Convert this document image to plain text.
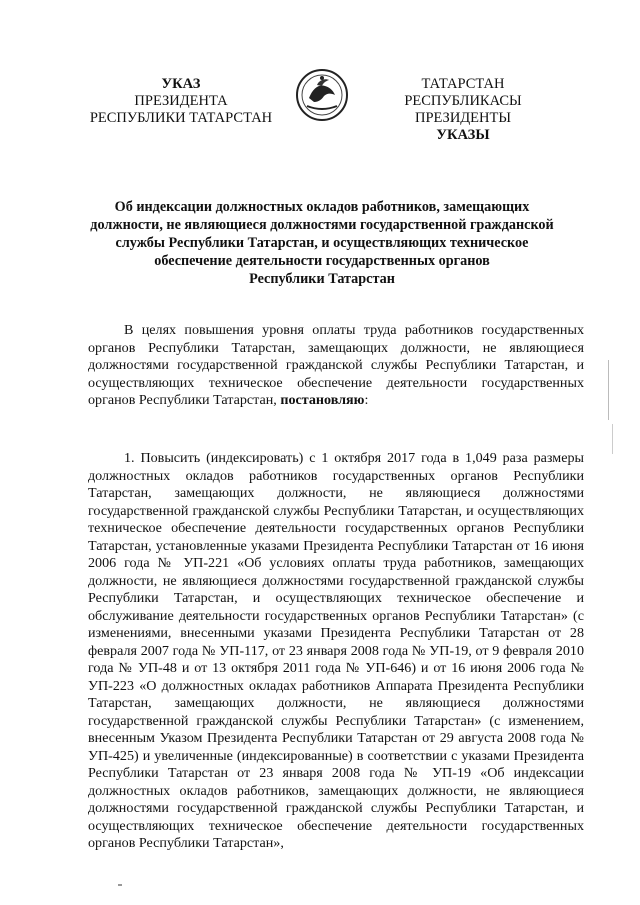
УКАЗ
ПРЕЗИДЕНТА
РЕСПУБЛИКИ ТАТАРСТАН
ТАТАРСТАН РЕСПУБЛИКАСЫ
ПРЕЗИДЕНТЫ
УКАЗЫ
Об индексации должностных окладов работников, замещающих
должности, не являющиеся должностями государственной гражданской
службы Республики Татарстан, и осуществляющих техническое
обеспечение деятельности государственных органов
Республики Татарстан
В целях повышения уровня оплаты труда работников государственных органов Республики Татарстан, замещающих должности, не являющиеся должностями государственной гражданской службы Республики Татарстан, и осуществляющих техническое обеспечение деятельности государственных органов Республики Татарстан, постановляю:
1. Повысить (индексировать) с 1 октября 2017 года в 1,049 раза размеры должностных окладов работников государственных органов Республики Татарстан, замещающих должности, не являющиеся должностями государственной гражданской службы Республики Татарстан, и осуществляющих техническое обеспечение деятельности государственных органов Республики Татарстан, установленные указами Президента Республики Татарстан от 16 июня 2006 года № УП-221 «Об условиях оплаты труда работников, замещающих должности, не являющиеся должностями государственной гражданской службы Республики Татарстан, и осуществляющих техническое обеспечение и обслуживание деятельности государственных органов Республики Татарстан» (с изменениями, внесенными указами Президента Республики Татарстан от 28 февраля 2007 года № УП-117, от 23 января 2008 года № УП-19, от 9 февраля 2010 года № УП-48 и от 13 октября 2011 года № УП-646) и от 16 июня 2006 года № УП-223 «О должностных окладах работников Аппарата Президента Республики Татарстан, замещающих должности, не являющиеся должностями государственной гражданской службы Республики Татарстан» (с изменением, внесенным Указом Президента Республики Татарстан от 29 августа 2008 года № УП-425) и увеличенные (индексированные) в соответствии с указами Президента Республики Татарстан от 23 января 2008 года № УП-19 «Об индексации должностных окладов работников, замещающих должности, не являющиеся должностями государственной гражданской службы Республики Татарстан, и осуществляющих техническое обеспечение деятельности государственных органов Республики Татарстан»,
